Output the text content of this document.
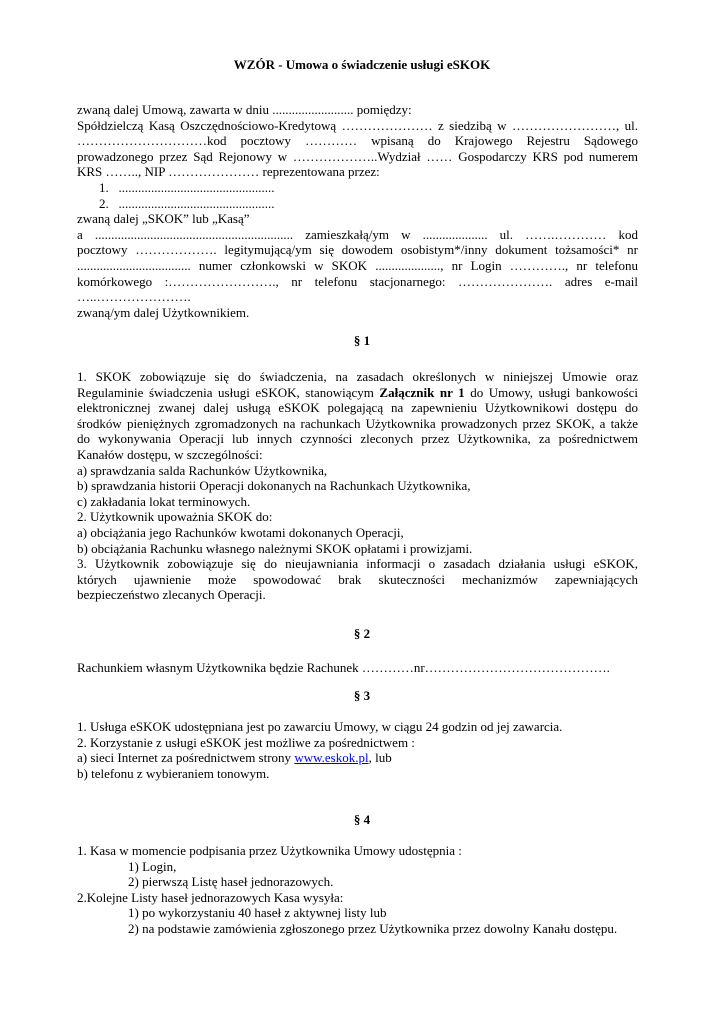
WZÓR - Umowa o świadczenie usługi eSKOK

zwaną dalej Umową, zawarta w dniu ......................... pomiędzy:

Spółdzielczą Kasą Oszczędnościowo-Kredytową ………………… z siedzibą w ……………………, ul.

…………………………kod pocztowy ………… wpisaną do Krajowego Rejestru Sądowego

prowadzonego przez Sąd Rejonowy w ………………..Wydział …… Gospodarczy KRS pod numerem

KRS …….., NIP ………………… reprezentowana przez:

1. ................................................

2. ................................................

zwaną dalej „SKOK” lub „Kasą”

a ............................................................. zamieszkałą/ym w .................... ul. …….………… kod

pocztowy ………………. legitymującą/ym się dowodem osobistym*/inny dokument tożsamości* nr

................................... numer członkowski w SKOK ...................., nr Login …………., nr telefonu

komórkowego :……………………., nr telefonu stacjonarnego: …………………. adres e-mail

…..………………….

zwaną/ym dalej Użytkownikiem.

§ 1

1. SKOK zobowiązuje się do świadczenia, na zasadach określonych w niniejszej Umowie oraz

Regulaminie świadczenia usługi eSKOK, stanowiącym Załącznik nr 1 do Umowy, usługi bankowości

elektronicznej zwanej dalej usługą eSKOK polegającą na zapewnieniu Użytkownikowi dostępu do

środków pieniężnych zgromadzonych na rachunkach Użytkownika prowadzonych przez SKOK, a także

do wykonywania Operacji lub innych czynności zleconych przez Użytkownika, za pośrednictwem

Kanałów dostępu, w szczególności:

a) sprawdzania salda Rachunków Użytkownika,

b) sprawdzania historii Operacji dokonanych na Rachunkach Użytkownika,

c) zakładania lokat terminowych.

2. Użytkownik upoważnia SKOK do:

a) obciążania jego Rachunków kwotami dokonanych Operacji,

b) obciążania Rachunku własnego należnymi SKOK opłatami i prowizjami.

3. Użytkownik zobowiązuje się do nieujawniania informacji o zasadach działania usługi eSKOK,

których ujawnienie może spowodować brak skuteczności mechanizmów zapewniających

bezpieczeństwo zlecanych Operacji.

§ 2

Rachunkiem własnym Użytkownika będzie Rachunek …………nr…………………………………….

§ 3

1. Usługa eSKOK udostępniana jest po zawarciu Umowy, w ciągu 24 godzin od jej zawarcia.

2. Korzystanie z usługi eSKOK jest możliwe za pośrednictwem :

a) sieci Internet za pośrednictwem strony www.eskok.pl, lub

b) telefonu z wybieraniem tonowym.

§ 4

1. Kasa w momencie podpisania przez Użytkownika Umowy udostępnia :

1) Login,

2) pierwszą Listę haseł jednorazowych.

2.Kolejne Listy haseł jednorazowych Kasa wysyła:

1) po wykorzystaniu 40 haseł z aktywnej listy lub

2) na podstawie zamówienia zgłoszonego przez Użytkownika przez dowolny Kanału dostępu.
